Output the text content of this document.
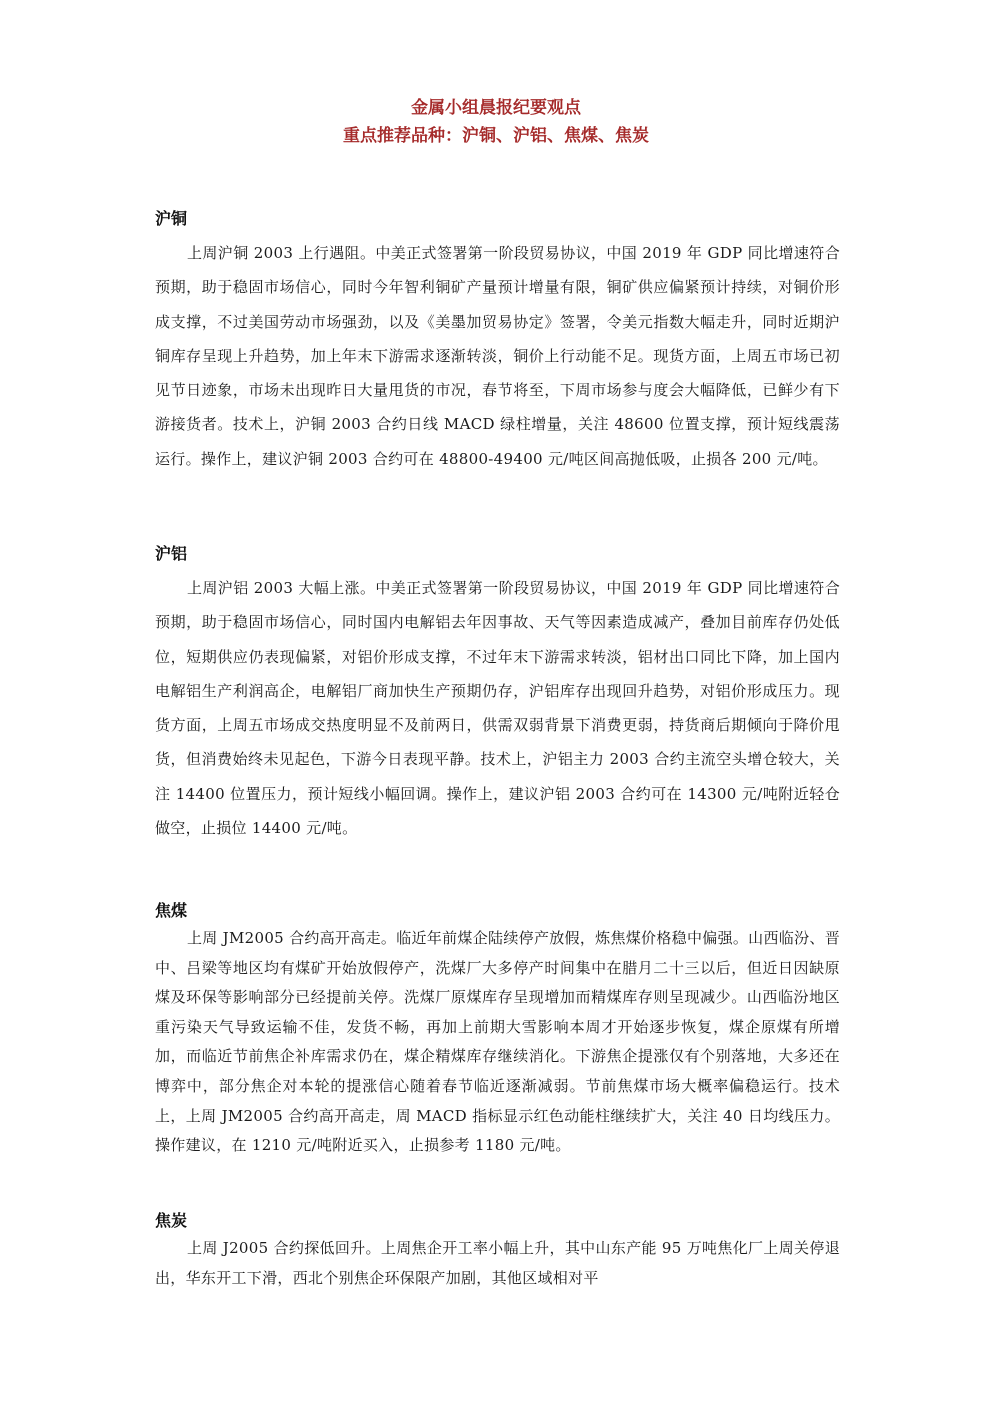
金属小组晨报纪要观点
重点推荐品种：沪铜、沪铝、焦煤、焦炭
沪铜

上周沪铜 2003 上行遇阻。中美正式签署第一阶段贸易协议，中国 2019 年 GDP 同比增速符合预期，助于稳固市场信心，同时今年智利铜矿产量预计增量有限，铜矿供应偏紧预计持续，对铜价形成支撑，不过美国劳动市场强劲，以及《美墨加贸易协定》签署，令美元指数大幅走升，同时近期沪铜库存呈现上升趋势，加上年末下游需求逐渐转淡，铜价上行动能不足。现货方面，上周五市场已初见节日迹象，市场未出现昨日大量甩货的市况，春节将至，下周市场参与度会大幅降低，已鲜少有下游接货者。技术上，沪铜 2003 合约日线 MACD 绿柱增量，关注 48600 位置支撑，预计短线震荡运行。操作上，建议沪铜 2003 合约可在 48800-49400 元/吨区间高抛低吸，止损各 200 元/吨。

沪铝

上周沪铝 2003 大幅上涨。中美正式签署第一阶段贸易协议，中国 2019 年 GDP 同比增速符合预期，助于稳固市场信心，同时国内电解铝去年因事故、天气等因素造成减产，叠加目前库存仍处低位，短期供应仍表现偏紧，对铝价形成支撑，不过年末下游需求转淡，铝材出口同比下降，加上国内电解铝生产利润高企，电解铝厂商加快生产预期仍存，沪铝库存出现回升趋势，对铝价形成压力。现货方面，上周五市场成交热度明显不及前两日，供需双弱背景下消费更弱，持货商后期倾向于降价甩货，但消费始终未见起色，下游今日表现平静。技术上，沪铝主力 2003 合约主流空头增仓较大，关注 14400 位置压力，预计短线小幅回调。操作上，建议沪铝 2003 合约可在 14300 元/吨附近轻仓做空，止损位 14400 元/吨。

焦煤

上周 JM2005 合约高开高走。临近年前煤企陆续停产放假，炼焦煤价格稳中偏强。山西临汾、晋中、吕梁等地区均有煤矿开始放假停产，洗煤厂大多停产时间集中在腊月二十三以后，但近日因缺原煤及环保等影响部分已经提前关停。洗煤厂原煤库存呈现增加而精煤库存则呈现减少。山西临汾地区重污染天气导致运输不佳，发货不畅，再加上前期大雪影响本周才开始逐步恢复，煤企原煤有所增加，而临近节前焦企补库需求仍在，煤企精煤库存继续消化。下游焦企提涨仅有个别落地，大多还在博弈中，部分焦企对本轮的提涨信心随着春节临近逐渐减弱。节前焦煤市场大概率偏稳运行。技术上，上周 JM2005 合约高开高走，周 MACD 指标显示红色动能柱继续扩大，关注 40 日均线压力。操作建议，在 1210 元/吨附近买入，止损参考 1180 元/吨。

焦炭

上周 J2005 合约探低回升。上周焦企开工率小幅上升，其中山东产能 95 万吨焦化厂上周关停退出，华东开工下滑，西北个别焦企环保限产加剧，其他区域相对平
